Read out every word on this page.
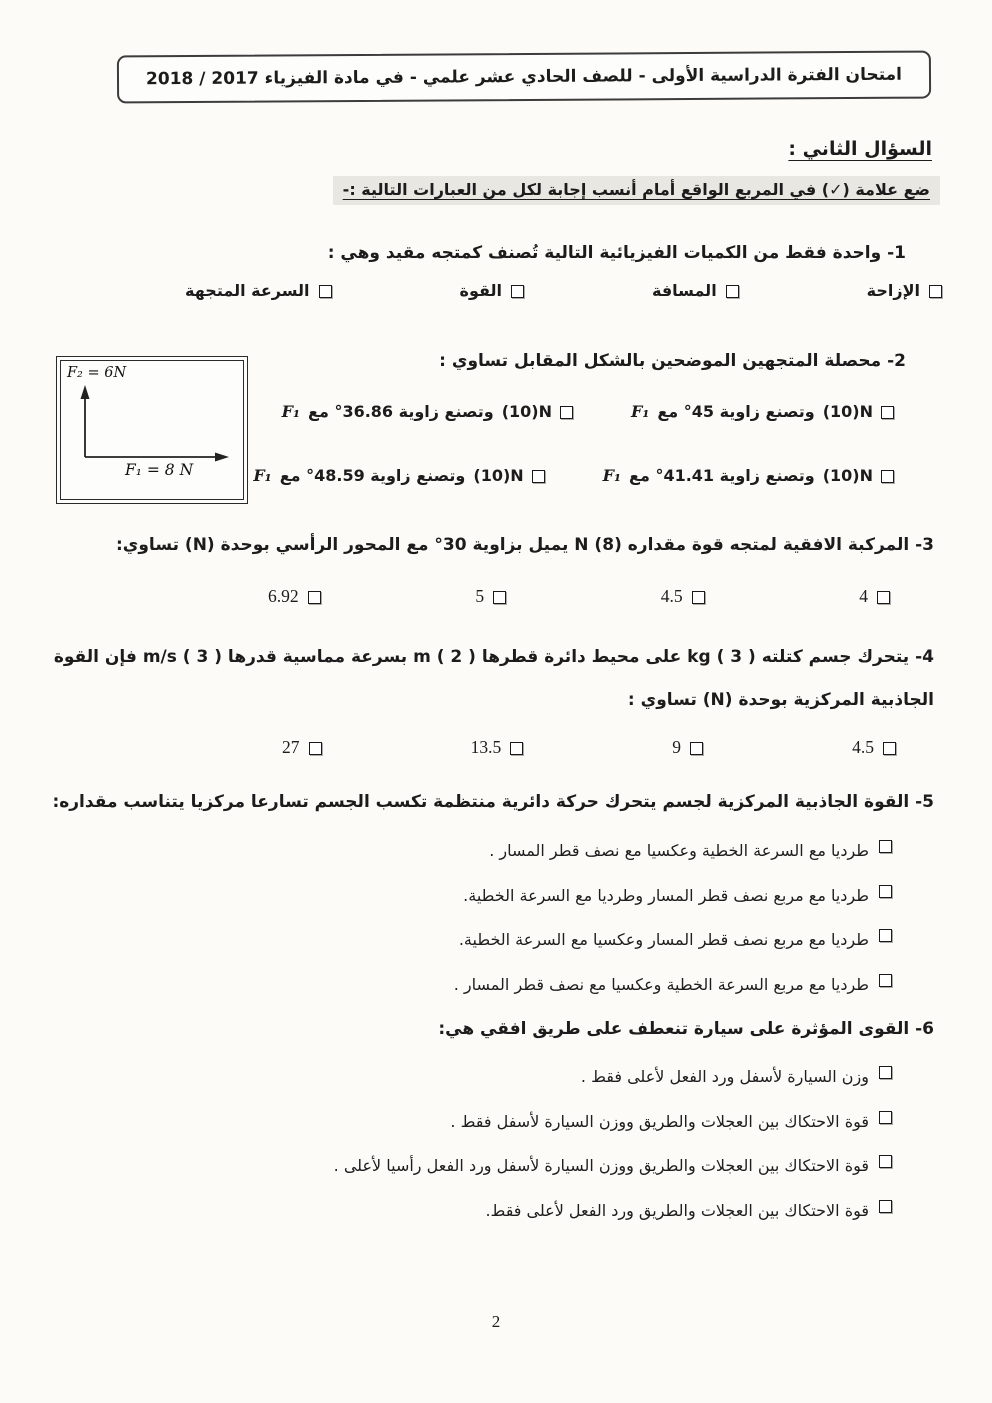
امتحان الفترة الدراسية الأولى - للصف الحادي عشر علمي - في مادة الفيزياء 2017 / 2018
السؤال الثاني :
ضع علامة (✓) في المربع الواقع أمام أنسب إجابة لكل من العبارات التالية :-
1- واحدة فقط من الكميات الفيزيائية التالية تُصنف كمتجه مقيد وهي :
الإزاحة
المسافة
القوة
السرعة المتجهة
2- محصلة المتجهين الموضحين بالشكل المقابل تساوي :
F₂ = 6N
F₁ = 8 N
(10)N
وتصنع زاوية 45° مع
F₁
(10)N
وتصنع زاوية 36.86° مع
F₁
(10)N
وتصنع زاوية 41.41° مع
F₁
(10)N
وتصنع زاوية 48.59° مع
F₁
3- المركبة الافقية لمتجه قوة مقداره (8) N يميل بزاوية 30° مع المحور الرأسي بوحدة (N) تساوي:
4
4.5
5
6.92
4- يتحرك جسم كتلته ( 3 ) kg على محيط دائرة قطرها ( 2 ) m بسرعة مماسية قدرها ( 3 ) m/s فإن القوة الجاذبية المركزية بوحدة (N) تساوي :
4.5
9
13.5
27
5- القوة الجاذبية المركزية لجسم يتحرك حركة دائرية منتظمة تكسب الجسم تسارعا مركزيا يتناسب مقداره:
طرديا مع السرعة الخطية وعكسيا مع نصف قطر المسار .
طرديا مع مربع نصف قطر المسار وطرديا مع السرعة الخطية.
طرديا مع مربع نصف قطر المسار وعكسيا مع السرعة الخطية.
طرديا مع مربع السرعة الخطية وعكسيا مع نصف قطر المسار .
6- القوى المؤثرة على سيارة تنعطف على طريق افقي هي:
وزن السيارة لأسفل ورد الفعل لأعلى فقط .
قوة الاحتكاك بين العجلات والطريق ووزن السيارة لأسفل فقط .
قوة الاحتكاك بين العجلات والطريق ووزن السيارة لأسفل ورد الفعل رأسيا لأعلى .
قوة الاحتكاك بين العجلات والطريق ورد الفعل لأعلى فقط.
2
